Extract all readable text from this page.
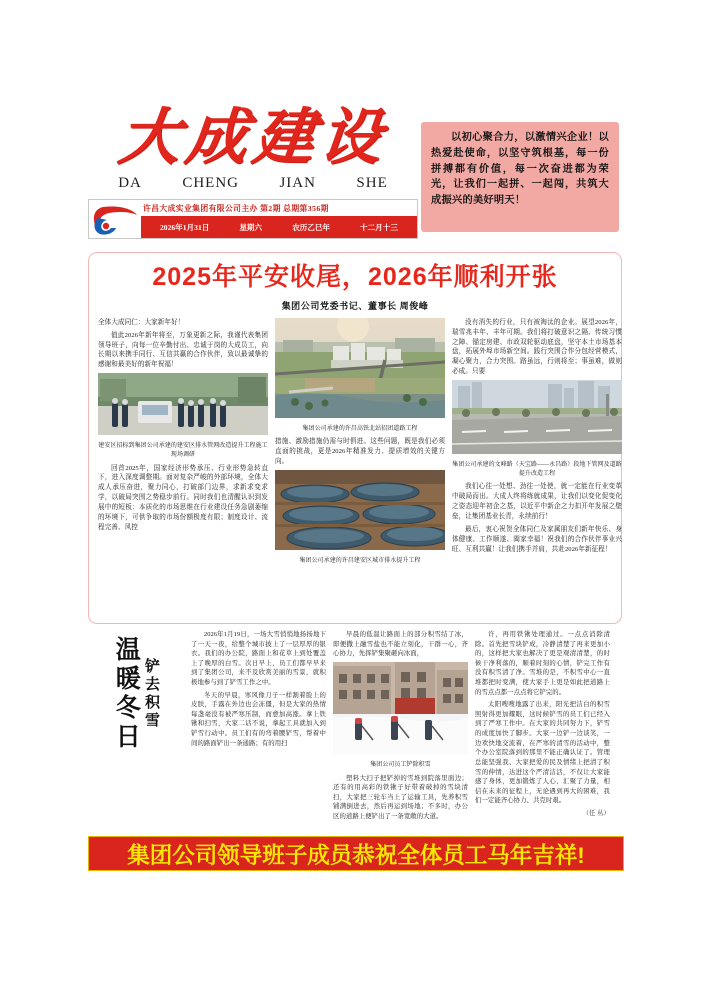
大成建设
DA	CHENG	JIAN	SHE
许昌大成实业集团有限公司主办 第2期 总期第356期
2026年1月31日	星期六	农历乙巳年	十二月十三
以初心聚合力，以激情兴企业！以热爱赴使命，以坚守筑根基，每一份拼搏都有价值，每一次奋进都为荣光，让我们一起拼、一起闯，共筑大成振兴的美好明天！
2025年平安收尾，2026年顺利开张
集团公司党委书记、董事长 周俊峰

全体大成同仁：大家新年好！

值此2026年新年将至，万象更新之际，我谨代表集团领导班子，向每一位辛勤付出、忠诚于岗的大成员工，向长期以来携手同行、互信共赢的合作伙伴，致以最诚挚的感谢和最美好的新年祝福！

建安区招标到集团公司承建的建安区排水管网改造提升工程施工现场调研

回首2025年，国家经济形势承压、行业形势急转直下，进入深度调整期。面对复杂严峻的外部环境，全体大成人承压奋进，聚力同心，打破部门边界，求新求变求学，以破局突围之势稳步前行。同时我们也清醒认识到发展中的短板：本质化的市场思维在行业建设任务急剧萎缩的环境下，可供争取的市场份额极度有限；制度设计、流程完善、风控

集团公司承建的许昌高铁北站招团道路工程

措施、激励措施仍需与时俱进。这些问题，既是我们必须直面的挑战，更是2026年精准发力、提质增效的关键方向。

集团公司承建的许昌建安区城市排水提升工程

没有消失的行业，只有被淘汰的企业。展望2026年，瑞雪兆丰年、丰年可期。我们将打破意识之隔、传统习惯之障、锚定房建、市政双轮驱动底盘，坚守本土市场基本盘，拓展外埠市场新空间。践行突围合作分包经营模式，凝心聚力，合力突围。路虽远，行则将至；事虽难，做则必成。只要

集团公司承建的文峰路（天宝路——永昌路）段地下管网及道路提升改造工程

我们心往一处想、劲往一处使，就一定能在行业变革中破局而出。大成人终将练就成果，让我们以变化促变化之姿态迎年初企之基，以近平中新企之力扣开年发展之壁垒，让集团基业长青，永续前行！

最后，衷心祝贺全体同仁及家属朋友们新年快乐、身体健康、工作顺遂、阖家幸福！祝我们的合作伙伴事业兴旺、互利共赢！让我们携手并肩，共赴2026年新征程！

温暖冬日 铲去积雪

2026年1月19日，一场大雪悄悄地扬扬地下了一天一夜，给整个城市披上了一层厚厚的银衣。我们的办公院，路面上和花草上到处覆盖上了晚厚的白雪。次日早上，员工们都早早来到了集团公司，来不及欣赏美丽的雪景，就积极地参与到了铲雪工作之中。

冬天的早晨，寒风像刀子一样割着脸上的皮肤，手露在外边也会冻僵，但是大家的热情每盏毫没有被严寒压制，而愈加高涨。拿上铁锹和扫雪，大家二话不说，拿起工具就加入到铲雪行动中。员工们有的弯着腰铲雪，帮着中间的路面铲出一条通路；有的用扫

早晨的低温让路面上的部分积雪结了冰，即便撒上融雪盐也不能立刻化，干群一心，齐心协力，先挥铲集聚砸向冰面，

集团公司员工铲除积雪

塑料大扫子把铲掉的雪堆到院落里面边；还有的用高彩的铁锹子好带着破掉的雪块清扫，大家把三轮车当上了运输工具，先养积雪铺满倒进去，然后再运到场地；不多时，办公区的道路上便铲出了一条宽敞的大道。

许，再用铁锹处理通过。一点点消除清除。首先把雪块铲成，冷静清楚了再来更加小的，这样把大家也解决了更是观清清楚，的时候干净利落的，顺着时刻的心情，铲完工作有没有积雪清了净。雪堆的是，不积雪中心一直堆都把时变满，使大家手上更是如此把道路上的雪点点都一点点将它铲完的。

太阳嗖嗖地露了出来，阳光把洁白的积雪照射得更加耀眼，这时候铲雪的员工们已经入到了严寒工作中。在大家的共同努力下，铲雪的成度加快了脚步。大家一边铲一边谈笑，一边欢快地交流着，在严寒的清雪的活动中，整个办公室院落到的那里不能正确认证了。管理总能坚强我、大家把爱的民及情绪上把清了积雪的伸情，达进这个严清洁活，不仅让大家能感了身体，更加锻炼了人心、汇聚了力量，相信在未来的征程上，无论遇到再大的困难，我们一定能齐心协力、共克时艰。

（任 丛）

集团公司领导班子成员恭祝全体员工马年吉祥!
